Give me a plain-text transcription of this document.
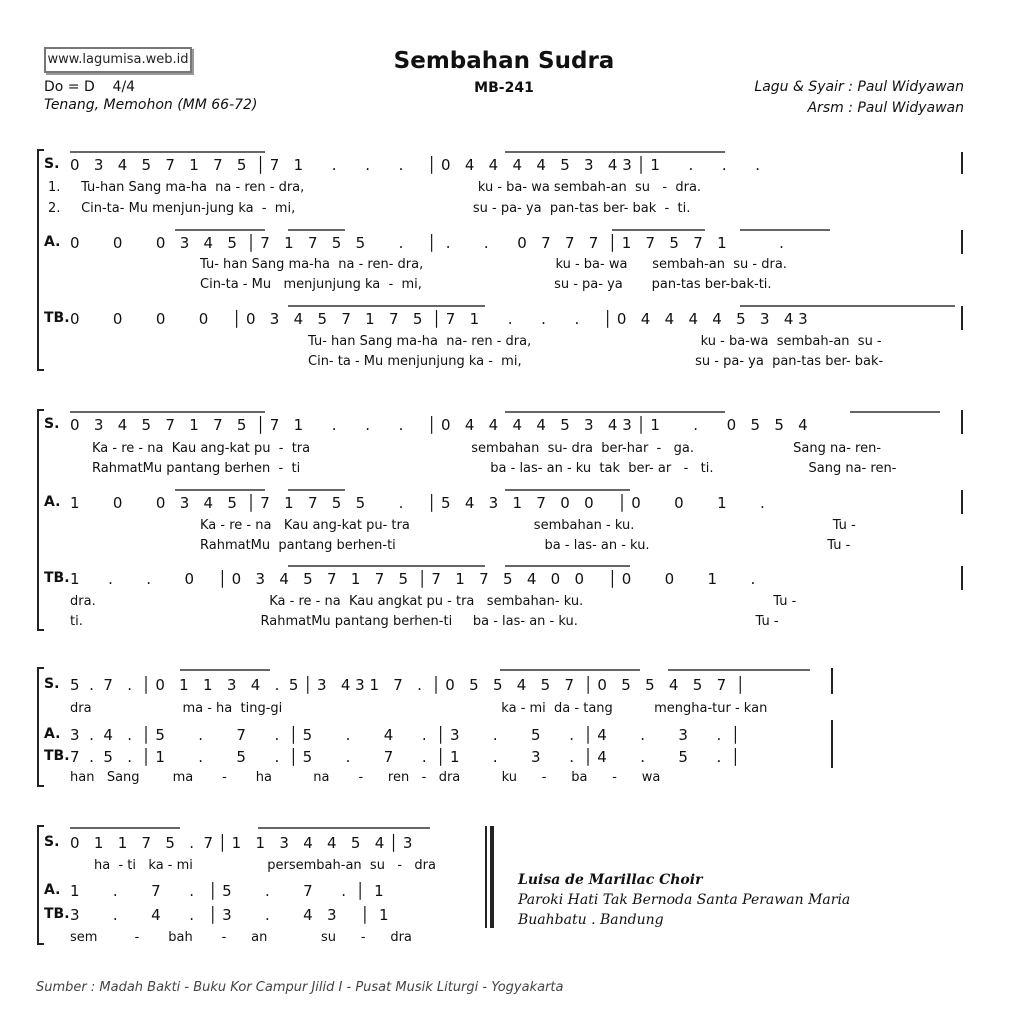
www.lagumisa.web.id	Sembahan Sudra
MB-241
Do = D    4/4
Tenang, Memohon (MM 66-72)
Lagu & Syair : Paul Widyawan
Arsm : Paul Widyawan
S. 0   3   4   5   7   1   7   5  │ 7   1      .      .      .     │ 0   4   4   4   4   5   3   4 3 │ 1      .      .      .
1.     Tu-han Sang ma-ha  na - ren - dra,                                          ku - ba- wa sembah-an  su   -  dra.
2.     Cin-ta- Mu menjun-jung ka  -  mi,                                           su - pa- ya  pan-tas ber- bak  -  ti.
A. 0       0       0   3   4   5  │ 7   1   7   5   5       .     │  .       .      0   7   7   7  │ 1   7   5   7   1           .
Tu- han Sang ma-ha  na - ren- dra,                                ku - ba- wa      sembah-an  su - dra.
Cin-ta - Mu   menjunjung ka  -  mi,                                su - pa- ya       pan-tas ber-bak-ti.
TB. 0       0       0       0     │ 0   3   4   5   7   1   7   5  │ 7   1      .      .      .     │ 0   4   4   4   4   5   3   4 3
Tu- han Sang ma-ha  na- ren - dra,                                         ku - ba-wa  sembah-an  su -
Cin- ta - Mu menjunjung ka -  mi,                                          su - pa- ya  pan-tas ber- bak-
S. 0   3   4   5   7   1   7   5  │ 7   1      .      .      .     │ 0   4   4   4   4   5   3   4 3 │ 1       .      0   5   5   4
Ka - re - na  Kau ang-kat pu  -  tra                                       sembahan  su- dra  ber-har  -   ga.                        Sang na- ren-
RahmatMu pantang berhen  -  ti                                              ba - las- an - ku  tak  ber- ar   -   ti.                       Sang na- ren-
A. 1       0       0   3   4   5  │ 7   1   7   5   5       .     │ 5   4   3   1   7   0   0     │ 0       0       1       .
Ka - re - na   Kau ang-kat pu- tra                              sembahan - ku.                                                Tu -
RahmatMu  pantang berhen-ti                                    ba - las- an - ku.                                           Tu -
TB. 1      .       .       0     │ 0   3   4   5   7   1   7   5  │ 7   1   7   5   4   0   0     │ 0       0       1       .
dra.                                          Ka - re - na  Kau angkat pu - tra   sembahan- ku.                                              Tu -
ti.                                           RahmatMu pantang berhen-ti     ba - las- an - ku.                                           Tu -
S. 5  .  7   .  │ 0   1   1   3   4   .  5 │ 3   4 3 1   7   .  │ 0   5   5   4   5   7  │ 0   5   5   4   5   7  │
dra                      ma - ha  ting-gi                                                     ka - mi  da - tang          mengha-tur - kan
A. 3  .  4   .  │ 5       .       7      .  │ 5       .       4      .  │ 3       .       5      .  │ 4       .       3      .  │
TB. 7  .  5   .  │ 1       .       5      .  │ 5       .       7      .  │ 1       .       3      .  │ 4       .       5      .  │
han   Sang        ma       -       ha          na       -      ren   -   dra          ku      -      ba      -      wa
S. 0   1   1   7   5   .  7 │ 1   1   3   4   4   5   4 │ 3
ha  - ti   ka - mi                  persembah-an  su   -   dra
A. 1       .       7      .   │ 5       .       7      .  │  1
TB. 3       .       4      .   │ 3       .       4   3     │  1
sem         -       bah       -      an             su      -      dra
Luisa de Marillac Choir
Paroki Hati Tak Bernoda Santa Perawan Maria
Buahbatu . Bandung
Sumber : Madah Bakti - Buku Kor Campur Jilid I - Pusat Musik Liturgi - Yogyakarta
